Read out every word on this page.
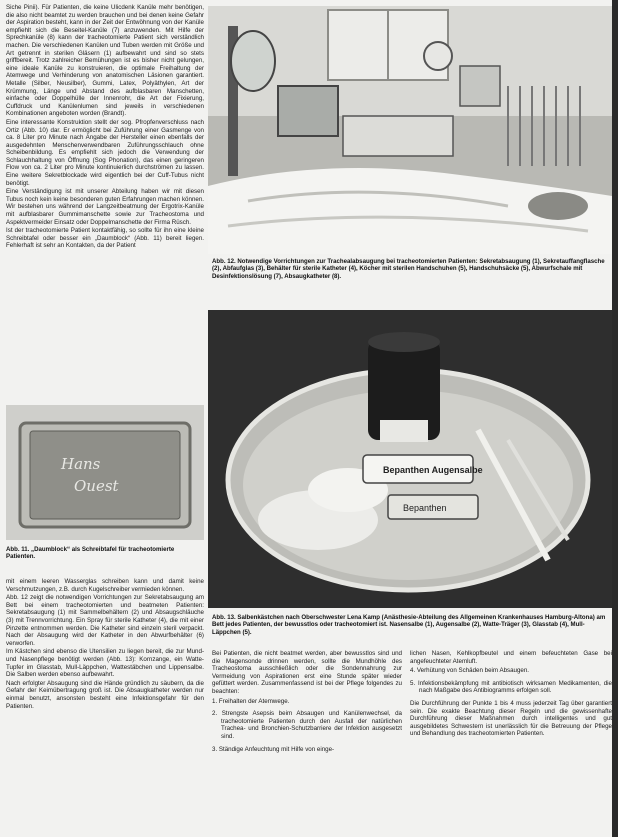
Siche Pinii). Für Patienten, die keine Ulicdenk Kanüle mehr benötigen, die also nicht beamtet zu werden brauchen und bei denen keine Gefahr der Aspiration besteht, kann in der Zeit der Entwöhnung von der Kanüle empfiehlt sich die Beseitel-Kanüle (7) anzuwenden. Mit Hilfe der Sprechkanüle (8) kann der tracheotomierte Patient sich verständlich machen. Die verschiedenen Kanülen und Tuben werden mit Größe und Art getrennt in sterilen Gläsern (1) aufbewahrt und sind so stets griffbereit. Trotz zahlreicher Bemühungen ist es bisher nicht gelungen, eine ideale Kanüle zu konstruieren, die optimale Freihaltung der Atemwege und Verhinderung von anatomischen Läsionen garantiert. Metalle (Silber, Neusilber), Gummi, Latex, Polyäthylen, Art der Krümmung, Länge und Abstand des aufblasbaren Manschetten, einfache oder Doppelhülle der Innenrohr, die Art der Fixierung, Cuffdruck und Kanülenlumen sind jeweils in verschiedenen Kombinationen angeboten worden (Brandt).

Eine interessante Konstruktion stellt der sog. Pfropfenverschluss nach Ortiz (Abb. 10) dar. Er ermöglicht bei Zuführung einer Gasmenge von ca. 8 Liter pro Minute nach Angabe der Hersteller einen ebenfalls der ausgedehnten Menschenverwendbaren Zuführungsschlauch ohne Scheibenbildung. Es empfiehlt sich jedoch die Verwendung der Schlauchhaltung von Öffnung (Sog Phonation), das einen geringeren Flow von ca. 2 Liter pro Minute kontinuierlich durchströmen zu lassen. Eine weitere Sekretblockade wird eigentlich bei der Cuff-Tubus nicht benötigt.

Eine Verständigung ist mit unserer Abteilung haben wir mit diesen Tubus noch kein keine besonderen guten Erfahrungen machen können. Wir bestehen uns während der Langzeitbeatmung der Ergotrix-Kanüle mit aufblasbarer Gummimanschette sowie zur Tracheostoma und Aspektvermeider Einsatz oder Doppelmanschette der Firma Rüsch.

Ist der tracheotomierte Patient kontaktfähig, so sollte für ihn eine kleine Schreibtafel oder besser ein „Daumblock“ (Abb. 11) bereit liegen. Fehlerhaft ist sehr an Kontakten, da der Patient

Hans
Ouest
Abb. 11. „Daumblock“ als Schreibtafel für tracheotomierte Patienten.

mit einem leeren Wasserglas schreiben kann und damit keine Verschmutzungen, z.B. durch Kugelschreiber vermieden können.

Abb. 12 zeigt die notwendigen Vorrichtungen zur Sekretabsaugung am Bett bei einem tracheotomierten und beatmeten Patienten: Sekretabsaugung (1) mit Sammelbehältern (2) und Absaugschläuche (3) mit Trennvorrichtung. Ein Spray für sterile Katheter (4), die mit einer Pinzette entnommen werden. Die Katheter sind einzeln steril verpackt. Nach der Absaugung wird der Katheter in den Abwurfbehälter (6) verworfen.

Im Kästchen sind ebenso die Utensilien zu liegen bereit, die zur Mund- und Nasenpflege benötigt werden (Abb. 13): Kornzange, ein Watte-Tupfer im Glasstab, Mull-Läppchen, Wattestäbchen und Lippensalbe. Die Salben werden ebenso aufbewahrt.

Nach erfolgter Absaugung sind die Hände gründlich zu säubern, da die Gefahr der Keimübertragung groß ist. Die Absaugkatheter werden nur einmal benutzt, ansonsten besteht eine Infektionsgefahr für den Patienten.

Abb. 12. Notwendige Vorrichtungen zur Trachealabsaugung bei tracheotomierten Patienten: Sekretabsaugung (1), Sekretauffangflasche (2), Abfaufglas (3), Behälter für sterile Katheter (4), Köcher mit sterilen Handschuhen (5), Handschuhsäcke (5), Abwurfschale mit Desinfektionslösung (7), Absaugkatheter (8).
Bepanthen Augensalbe
Bepanthen
Abb. 13. Salbenkästchen nach Oberschwester Lena Kamp (Anästhesie-Abteilung des Allgemeinen Krankenhauses Hamburg-Altona) am Bett jedes Patienten, der bewusstlos oder tracheotomiert ist. Nasensalbe (1), Augensalbe (2), Watte-Träger (3), Glasstab (4), Mull-Läppchen (5).

Bei Patienten, die nicht beatmet werden, aber bewusstlos sind und die Magensonde drinnen werden, sollte die Mundhöhle des Tracheostoma ausschließlich oder die Sondennahrung zur Vermeidung von Aspirationen erst eine Stunde später wieder gefüttert werden. Zusammenfassend ist bei der Pflege folgendes zu beachten:

1. Freihalten der Atemwege.
2. Strengste Asepsis beim Absaugen und Kanülenwechsel, da tracheotomierte Patienten durch den Ausfall der natürlichen Trachea- und Bronchien-Schutzbarriere der Infektion ausgesetzt sind.
3. Ständige Anfeuchtung mit Hilfe von einge-

lichen Nasen, Kehlkopfbeutel und einem befeuchteten Gase bei angefeuchteter Atemluft.

4. Verhütung von Schäden beim Absaugen.
5. Infektionsbekämpfung mit antibiotisch wirksamen Medikamenten, die nach Maßgabe des Antibiogramms erfolgen soll.

Die Durchführung der Punkte 1 bis 4 muss jederzeit Tag über garantiert sein. Die exakte Beachtung dieser Regeln und die gewissenhafte Durchführung dieser Maßnahmen durch intelligentes und gut ausgebildetes Schwestern ist unerlässlich für die Betreuung der Pflege und Behandlung des tracheotomierten Patienten.
